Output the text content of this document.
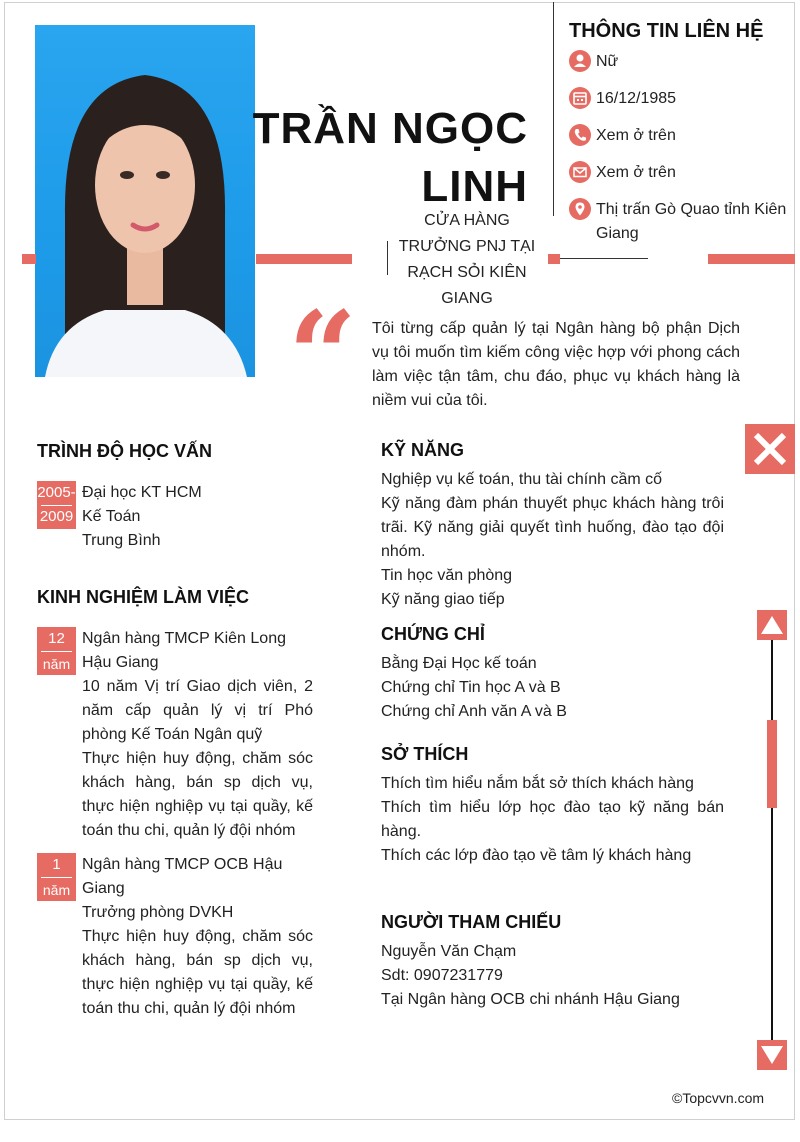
TRẦN NGỌC
LINH
CỬA HÀNG TRƯỞNG PNJ TẠI RẠCH SỎI KIÊN GIANG
THÔNG TIN LIÊN HỆ
Nữ
16/12/1985
Xem ở trên
Xem ở trên
Thị trấn Gò Quao tỉnh Kiên Giang
“ Tôi từng cấp quản lý tại Ngân hàng bộ phận Dịch vụ tôi muốn tìm kiếm công việc hợp với phong cách làm việc tận tâm, chu đáo, phục vụ khách hàng là niềm vui của tôi.
TRÌNH ĐỘ HỌC VẤN
2005-
2009
Đại học KT HCM
Kế Toán
Trung Bình
KINH NGHIỆM LÀM VIỆC
12
năm
Ngân hàng TMCP Kiên Long Hậu Giang
10 năm Vị trí Giao dịch viên, 2 năm cấp quản lý vị trí Phó phòng Kế Toán Ngân quỹ
Thực hiện huy động, chăm sóc khách hàng, bán sp dịch vụ, thực hiện nghiệp vụ tại quầy, kế toán thu chi, quản lý đội nhóm
1
năm
Ngân hàng TMCP OCB Hậu Giang
Trưởng phòng DVKH
Thực hiện huy động, chăm sóc khách hàng, bán sp dịch vụ, thực hiện nghiệp vụ tại quầy, kế toán thu chi, quản lý đội nhóm
KỸ NĂNG
Nghiệp vụ kế toán, thu tài chính cầm cố
Kỹ năng đàm phán thuyết phục khách hàng trôi trãi. Kỹ năng giải quyết tình huống, đào tạo đội nhóm.
Tin học văn phòng
Kỹ năng giao tiếp
CHỨNG CHỈ
Bằng Đại Học kế toán
Chứng chỉ Tin học A và B
Chứng chỉ Anh văn A và B
SỞ THÍCH
Thích tìm hiểu nắm bắt sở thích khách hàng
Thích tìm hiểu lớp học đào tạo kỹ năng bán hàng.
Thích các lớp đào tạo về tâm lý khách hàng
NGƯỜI THAM CHIẾU
Nguyễn Văn Chạm
Sdt: 0907231779
Tại Ngân hàng OCB chi nhánh Hậu Giang
©Topcvvn.com
